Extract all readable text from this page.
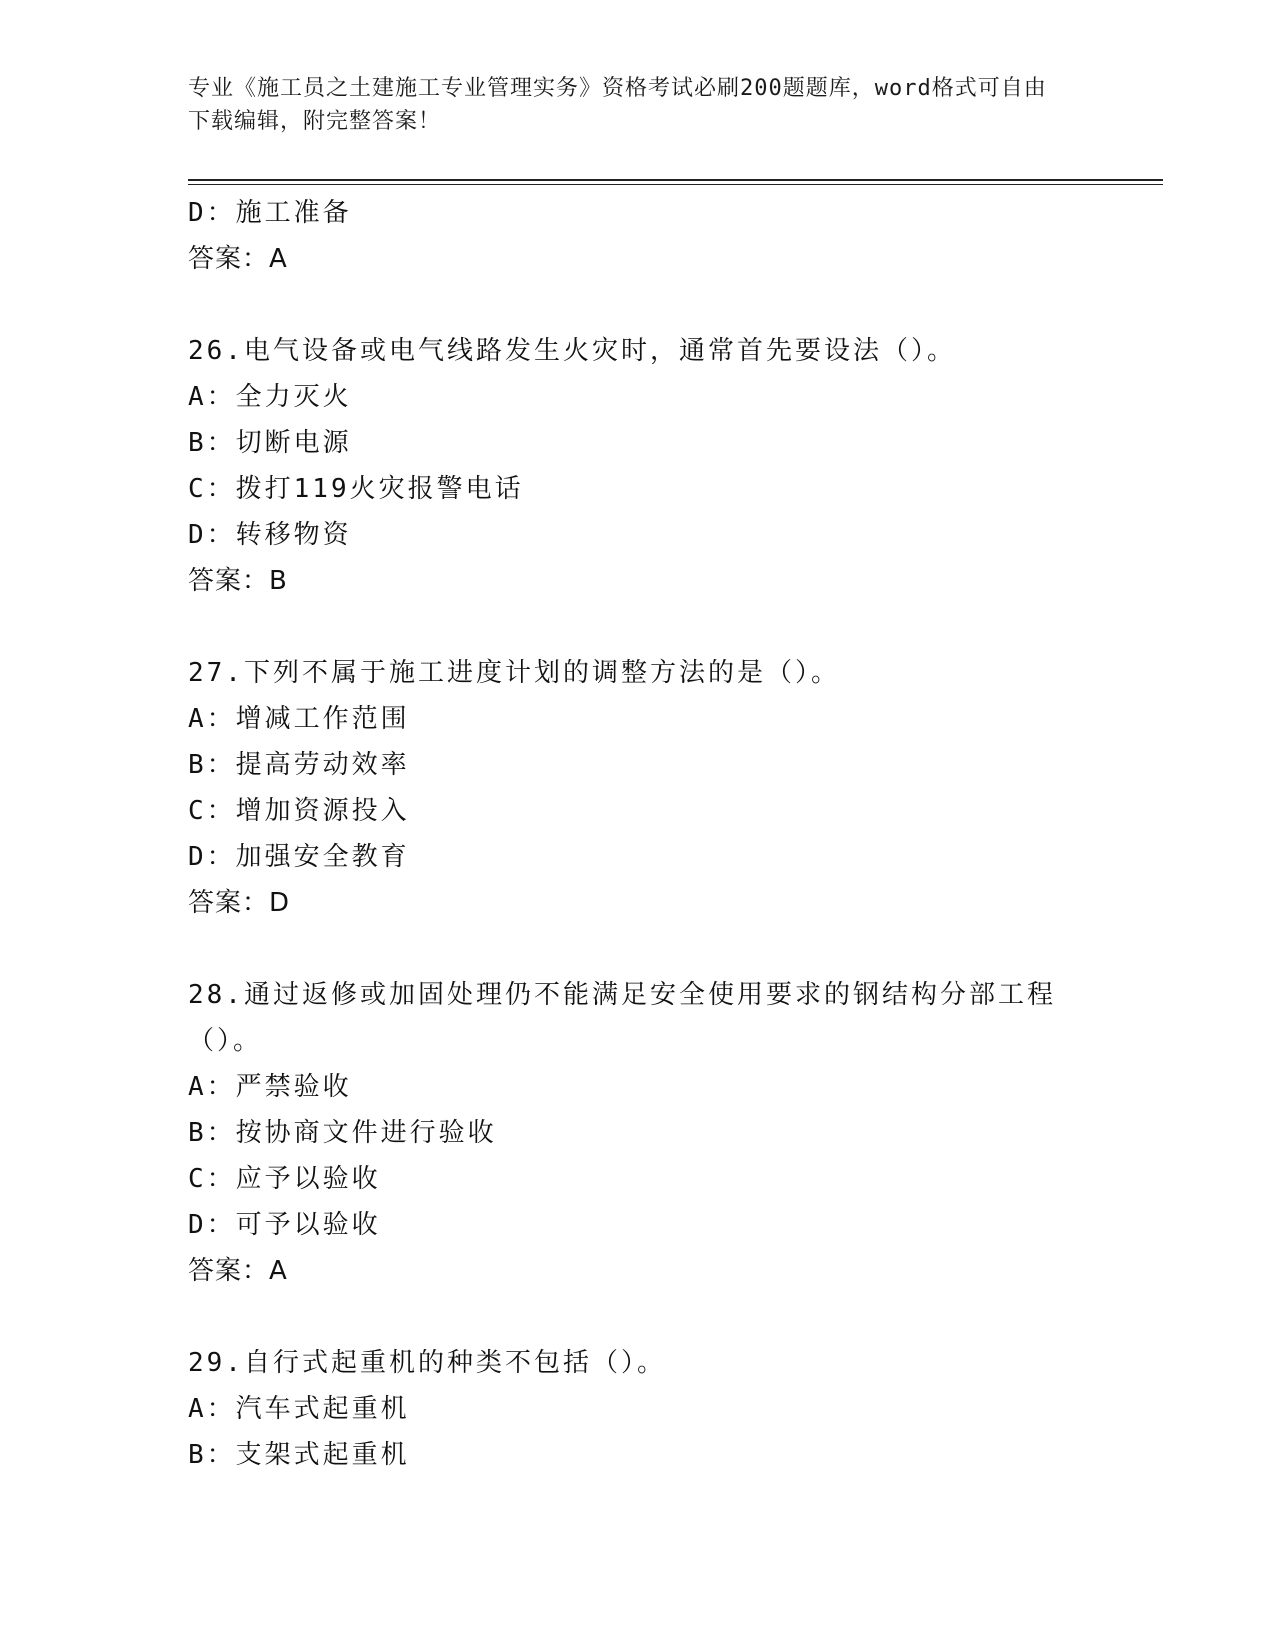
专业《施工员之土建施工专业管理实务》资格考试必刷200题题库，word格式可自由下载编辑，附完整答案！
D：施工准备
答案：A
26.电气设备或电气线路发生火灾时，通常首先要设法（）。
A：全力灭火
B：切断电源
C：拨打119火灾报警电话
D：转移物资
答案：B
27.下列不属于施工进度计划的调整方法的是（）。
A：增减工作范围
B：提高劳动效率
C：增加资源投入
D：加强安全教育
答案：D
28.通过返修或加固处理仍不能满足安全使用要求的钢结构分部工程（）。
A：严禁验收
B：按协商文件进行验收
C：应予以验收
D：可予以验收
答案：A
29.自行式起重机的种类不包括（）。
A：汽车式起重机
B：支架式起重机
